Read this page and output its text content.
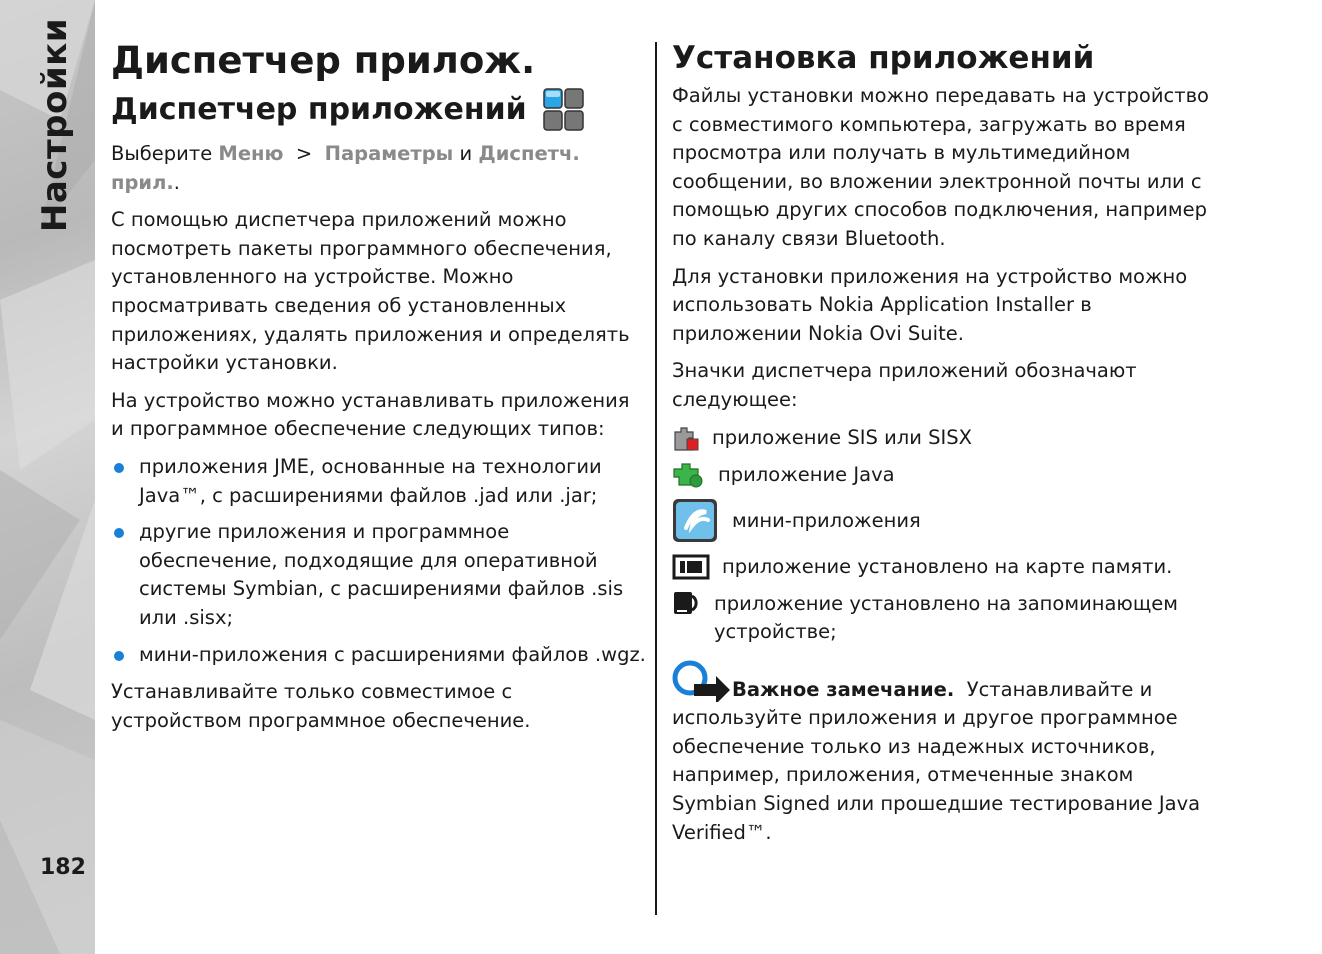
Настройки
182
Диспетчер прилож.
Диспетчер приложений

Выберите Меню > Параметры и Диспетч. прил..

С помощью диспетчера приложений можно посмотреть пакеты программного обеспечения, установленного на устройстве. Можно просматривать сведения об установленных приложениях, удалять приложения и определять настройки установки.

На устройство можно устанавливать приложения и программное обеспечение следующих типов:

приложения JME, основанные на технологии Java™, с расширениями файлов .jad или .jar;
другие приложения и программное обеспечение, подходящие для оперативной системы Symbian, с расширениями файлов .sis или .sisx;
мини-приложения с расширениями файлов .wgz.

Устанавливайте только совместимое с устройством программное обеспечение.

Установка приложений

Файлы установки можно передавать на устройство с совместимого компьютера, загружать во время просмотра или получать в мультимедийном сообщении, во вложении электронной почты или с помощью других способов подключения, например по каналу связи Bluetooth.

Для установки приложения на устройство можно использовать Nokia Application Installer в приложении Nokia Ovi Suite.

Значки диспетчера приложений обозначают следующее:

приложение SIS или SISX
приложение Java
мини-приложения
приложение установлено на карте памяти.
приложение установлено на запоминающем устройстве;

Важное замечание. Устанавливайте и используйте приложения и другое программное обеспечение только из надежных источников, например, приложения, отмеченные знаком Symbian Signed или прошедшие тестирование Java Verified™.
